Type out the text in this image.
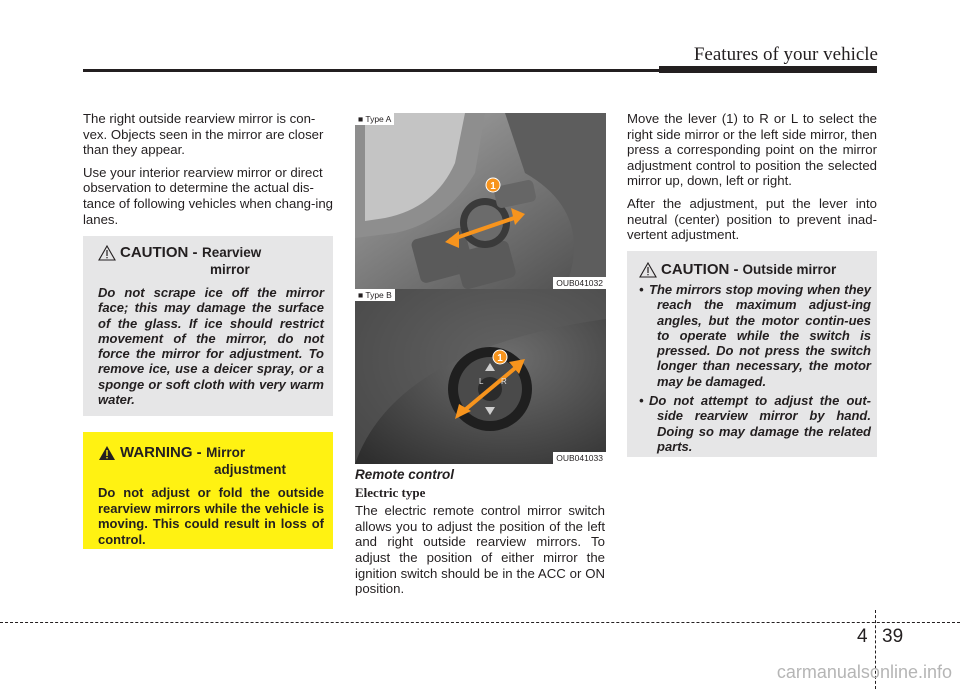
Features of your vehicle

The right outside rearview mirror is con-vex. Objects seen in the mirror are closer than they appear.

Use your interior rearview mirror or direct observation to determine the actual dis-tance of following vehicles when chang-ing lanes.

CAUTION - Rearview
mirror
Do not scrape ice off the mirror face; this may damage the surface of the glass. If ice should restrict movement of the mirror, do not force the mirror for adjustment. To remove ice, use a deicer spray, or a sponge or soft cloth with very warm water.
WARNING - Mirror
adjustment
Do not adjust or fold the outside rearview mirrors while the vehicle is moving. This could result in loss of control.
1
■ Type A
OUB041032
1
L R
■ Type B
OUB041033
Remote control
Electric type

The electric remote control mirror switch allows you to adjust the position of the left and right outside rearview mirrors. To adjust the position of either mirror the ignition switch should be in the ACC or ON position.

Move the lever (1) to R or L to select the right side mirror or the left side mirror, then press a corresponding point on the mirror adjustment control to position the selected mirror up, down, left or right.

After the adjustment, put the lever into neutral (center) position to prevent inad-vertent adjustment.

CAUTION - Outside mirror
• The mirrors stop moving when they reach the maximum adjust-ing angles, but the motor contin-ues to operate while the switch is pressed. Do not press the switch longer than necessary, the motor may be damaged.
• Do not attempt to adjust the out-side rearview mirror by hand. Doing so may damage the related parts.
4 39
carmanualsonline.info
